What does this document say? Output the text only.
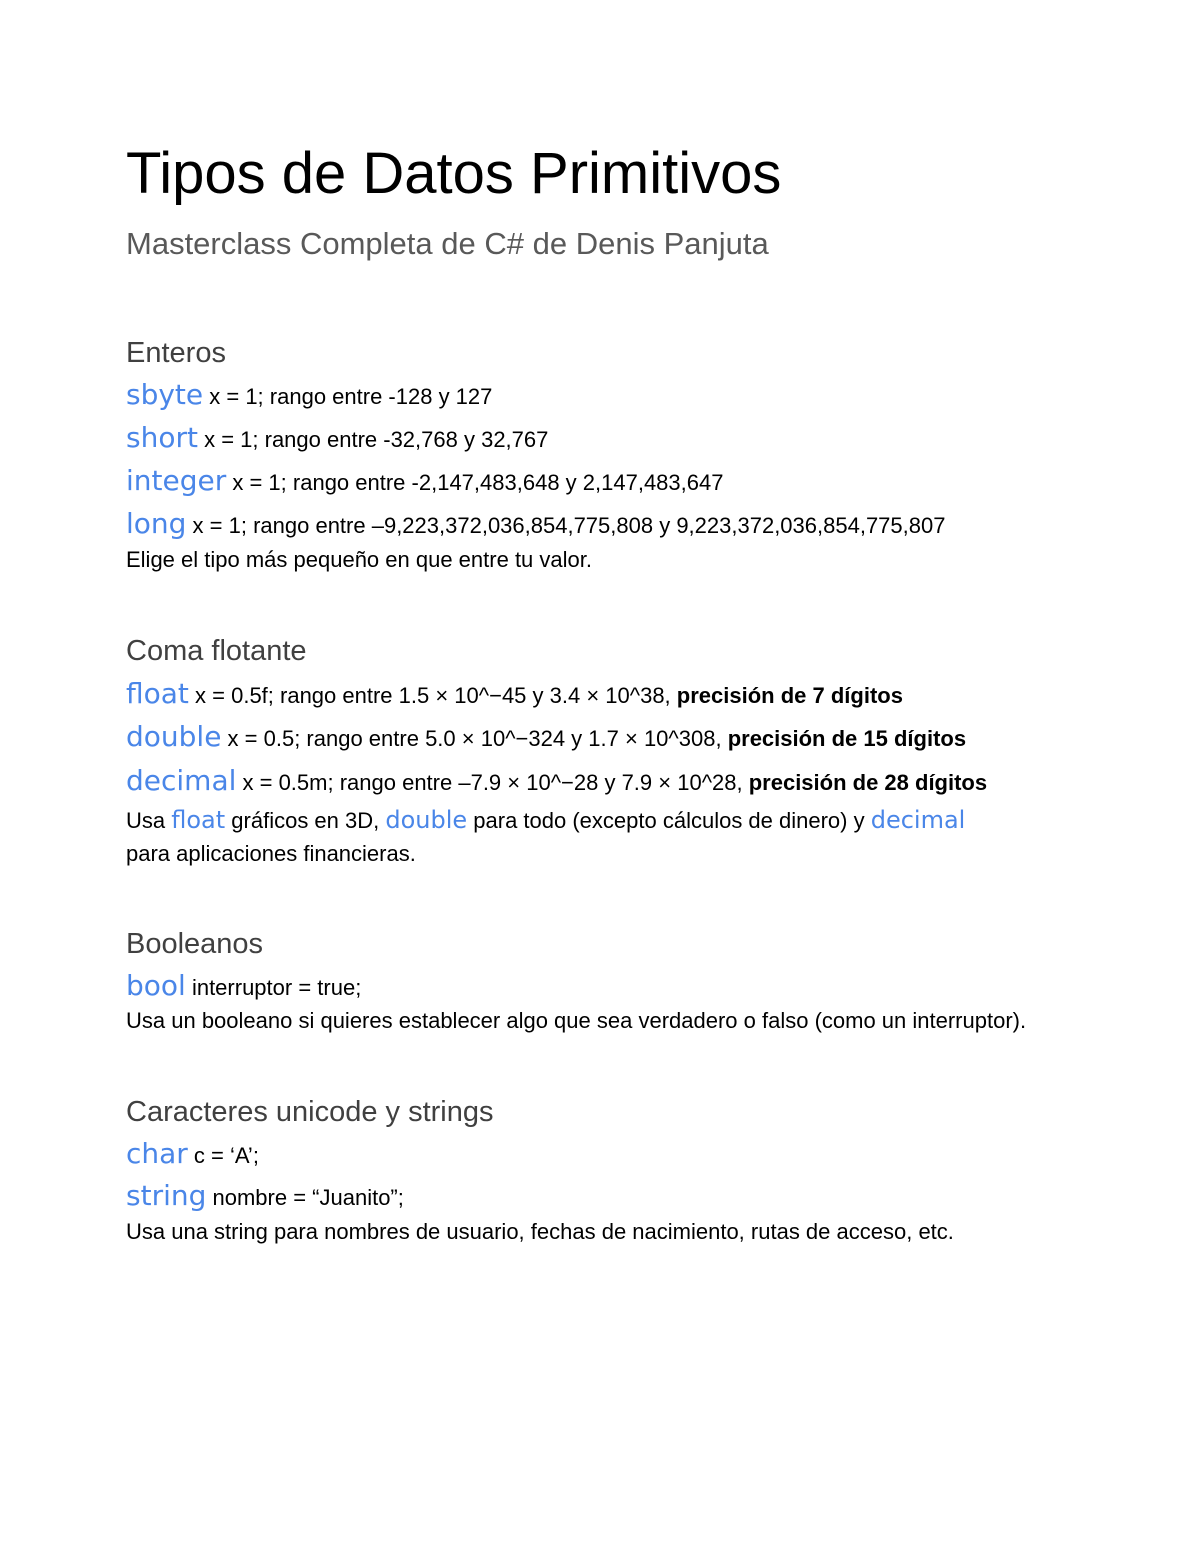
Tipos de Datos Primitivos
Masterclass Completa de C# de Denis Panjuta
Enteros
sbyte x = 1; rango entre -128 y 127
short x = 1; rango entre -32,768 y 32,767
integer x = 1; rango entre -2,147,483,648 y 2,147,483,647
long x = 1; rango entre –9,223,372,036,854,775,808 y 9,223,372,036,854,775,807
Elige el tipo más pequeño en que entre tu valor.
Coma flotante
float x = 0.5f; rango entre 1.5 × 10^−45 y 3.4 × 10^38, precisión de 7 dígitos
double x = 0.5; rango entre 5.0 × 10^−324 y 1.7 × 10^308, precisión de 15 dígitos
decimal x = 0.5m; rango entre –7.9 × 10^−28 y 7.9 × 10^28, precisión de 28 dígitos
Usa float gráficos en 3D, double para todo (excepto cálculos de dinero) y decimal
para aplicaciones financieras.
Booleanos
bool interruptor = true;
Usa un booleano si quieres establecer algo que sea verdadero o falso (como un interruptor).
Caracteres unicode y strings
char c = ‘A’;
string nombre = “Juanito”;
Usa una string para nombres de usuario, fechas de nacimiento, rutas de acceso, etc.
